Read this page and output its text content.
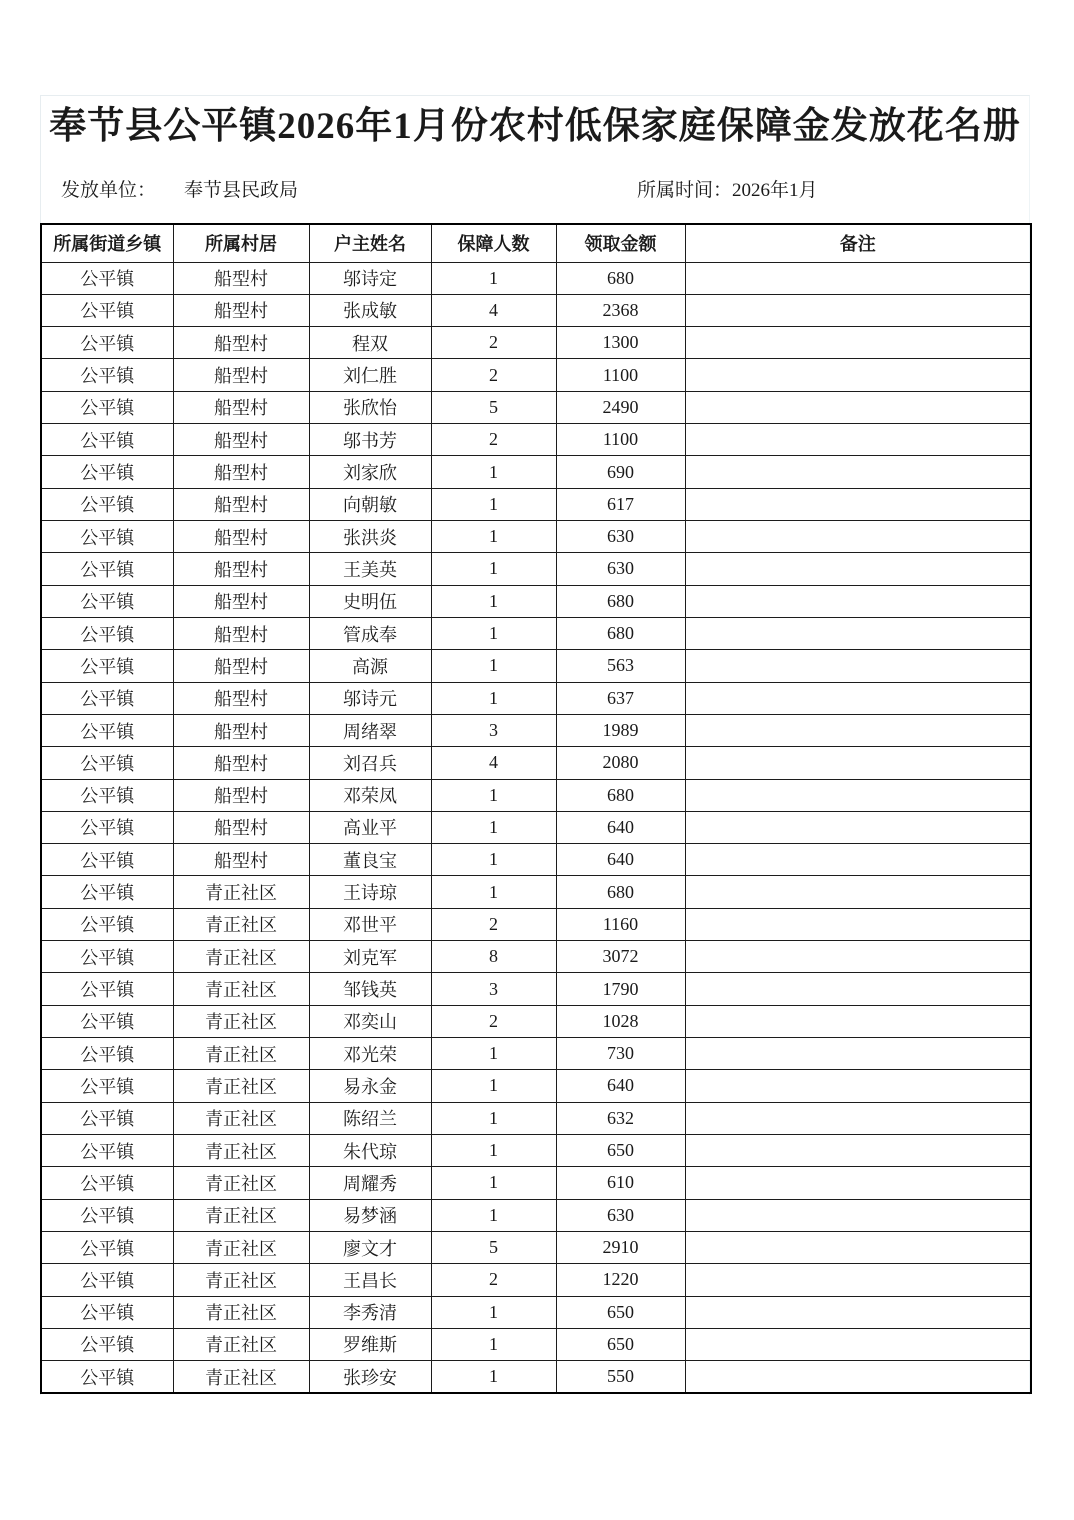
奉节县公平镇2026年1月份农村低保家庭保障金发放花名册
发放单位： 奉节县民政局	所属时间：2026年1月
所属街道乡镇	所属村居	户主姓名	保障人数	领取金额	备注
公平镇	船型村	邬诗定	1	680	
公平镇	船型村	张成敏	4	2368	
公平镇	船型村	程双	2	1300	
公平镇	船型村	刘仁胜	2	1100	
公平镇	船型村	张欣怡	5	2490	
公平镇	船型村	邬书芳	2	1100	
公平镇	船型村	刘家欣	1	690	
公平镇	船型村	向朝敏	1	617	
公平镇	船型村	张洪炎	1	630	
公平镇	船型村	王美英	1	630	
公平镇	船型村	史明伍	1	680	
公平镇	船型村	管成奉	1	680	
公平镇	船型村	高源	1	563	
公平镇	船型村	邬诗元	1	637	
公平镇	船型村	周绪翠	3	1989	
公平镇	船型村	刘召兵	4	2080	
公平镇	船型村	邓荣凤	1	680	
公平镇	船型村	高业平	1	640	
公平镇	船型村	董良宝	1	640	
公平镇	青正社区	王诗琼	1	680	
公平镇	青正社区	邓世平	2	1160	
公平镇	青正社区	刘克军	8	3072	
公平镇	青正社区	邹钱英	3	1790	
公平镇	青正社区	邓奕山	2	1028	
公平镇	青正社区	邓光荣	1	730	
公平镇	青正社区	易永金	1	640	
公平镇	青正社区	陈绍兰	1	632	
公平镇	青正社区	朱代琼	1	650	
公平镇	青正社区	周耀秀	1	610	
公平镇	青正社区	易梦涵	1	630	
公平镇	青正社区	廖文才	5	2910	
公平镇	青正社区	王昌长	2	1220	
公平镇	青正社区	李秀清	1	650	
公平镇	青正社区	罗维斯	1	650	
公平镇	青正社区	张珍安	1	550	
